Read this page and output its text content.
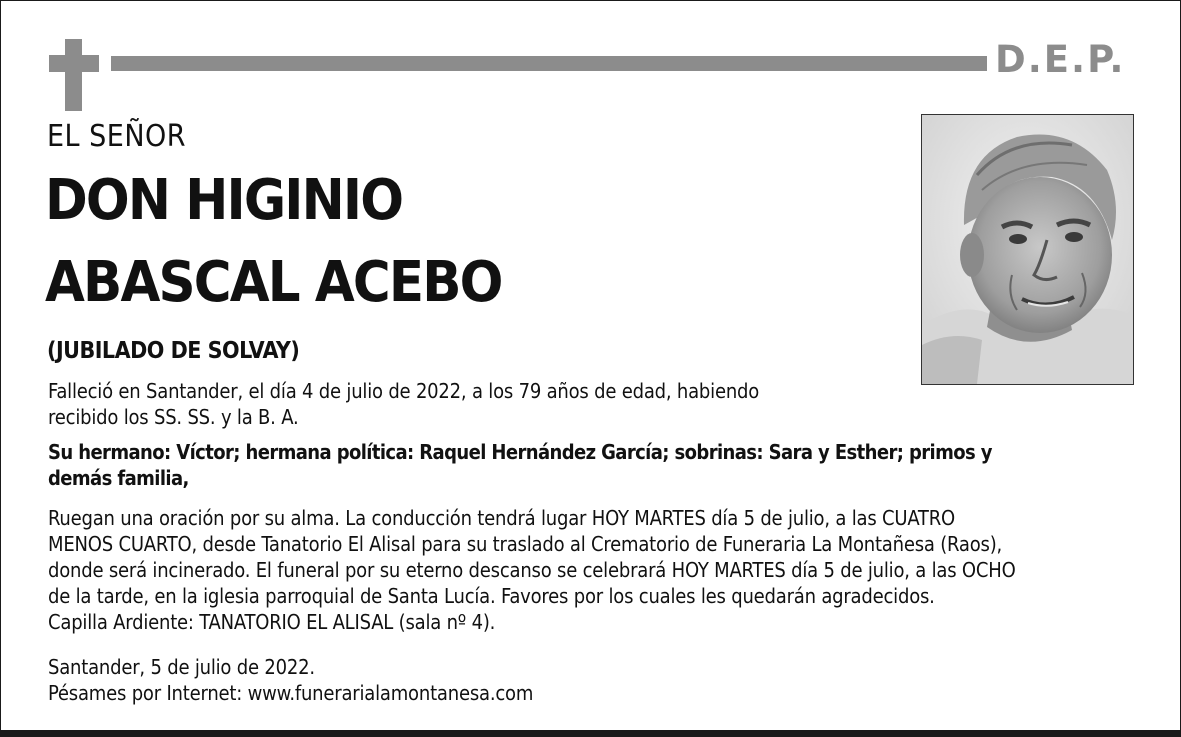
D.E.P.
EL SEÑOR
DON HIGINIO
ABASCAL ACEBO
(JUBILADO DE SOLVAY)
Falleció en Santander, el día 4 de julio de 2022, a los 79 años de edad, habiendo
recibido los SS. SS. y la B. A.
Su hermano: Víctor; hermana política: Raquel Hernández García; sobrinas: Sara y Esther; primos y
demás familia,
Ruegan una oración por su alma. La conducción tendrá lugar HOY MARTES día 5 de julio, a las CUATRO
MENOS CUARTO, desde Tanatorio El Alisal para su traslado al Crematorio de Funeraria La Montañesa (Raos),
donde será incinerado. El funeral por su eterno descanso se celebrará HOY MARTES día 5 de julio, a las OCHO
de la tarde, en la iglesia parroquial de Santa Lucía. Favores por los cuales les quedarán agradecidos.
Capilla Ardiente: TANATORIO EL ALISAL (sala nº 4).
Santander, 5 de julio de 2022.
Pésames por Internet: www.funerarialamontanesa.com
